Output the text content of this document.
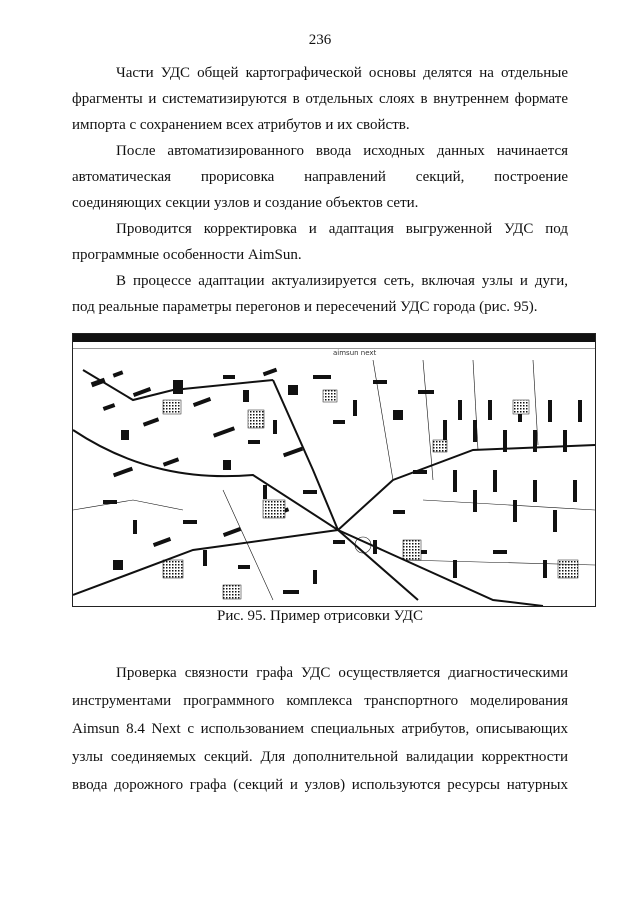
236

Части УДС общей картографической основы делятся на отдельные

фрагменты и систематизируются в отдельных слоях в внутреннем формате

импорта с сохранением всех атрибутов и их свойств.

После автоматизированного ввода исходных данных начинается

автоматическая прорисовка направлений секций, построение

соединяющих секции узлов и создание объектов сети.

Проводится корректировка и адаптация выгруженной УДС под

программные особенности AimSun.

В процессе адаптации актуализируется сеть, включая узлы и дуги,

под реальные параметры перегонов и пересечений УДС города (рис. 95).

aimsun next
Рис. 95. Пример отрисовки УДС

Проверка связности графа УДС осуществляется диагностическими

инструментами программного комплекса транспортного моделирования

Aimsun 8.4 Next с использованием специальных атрибутов, описывающих

узлы соединяемых секций. Для дополнительной валидации корректности

ввода дорожного графа (секций и узлов) используются ресурсы натурных
